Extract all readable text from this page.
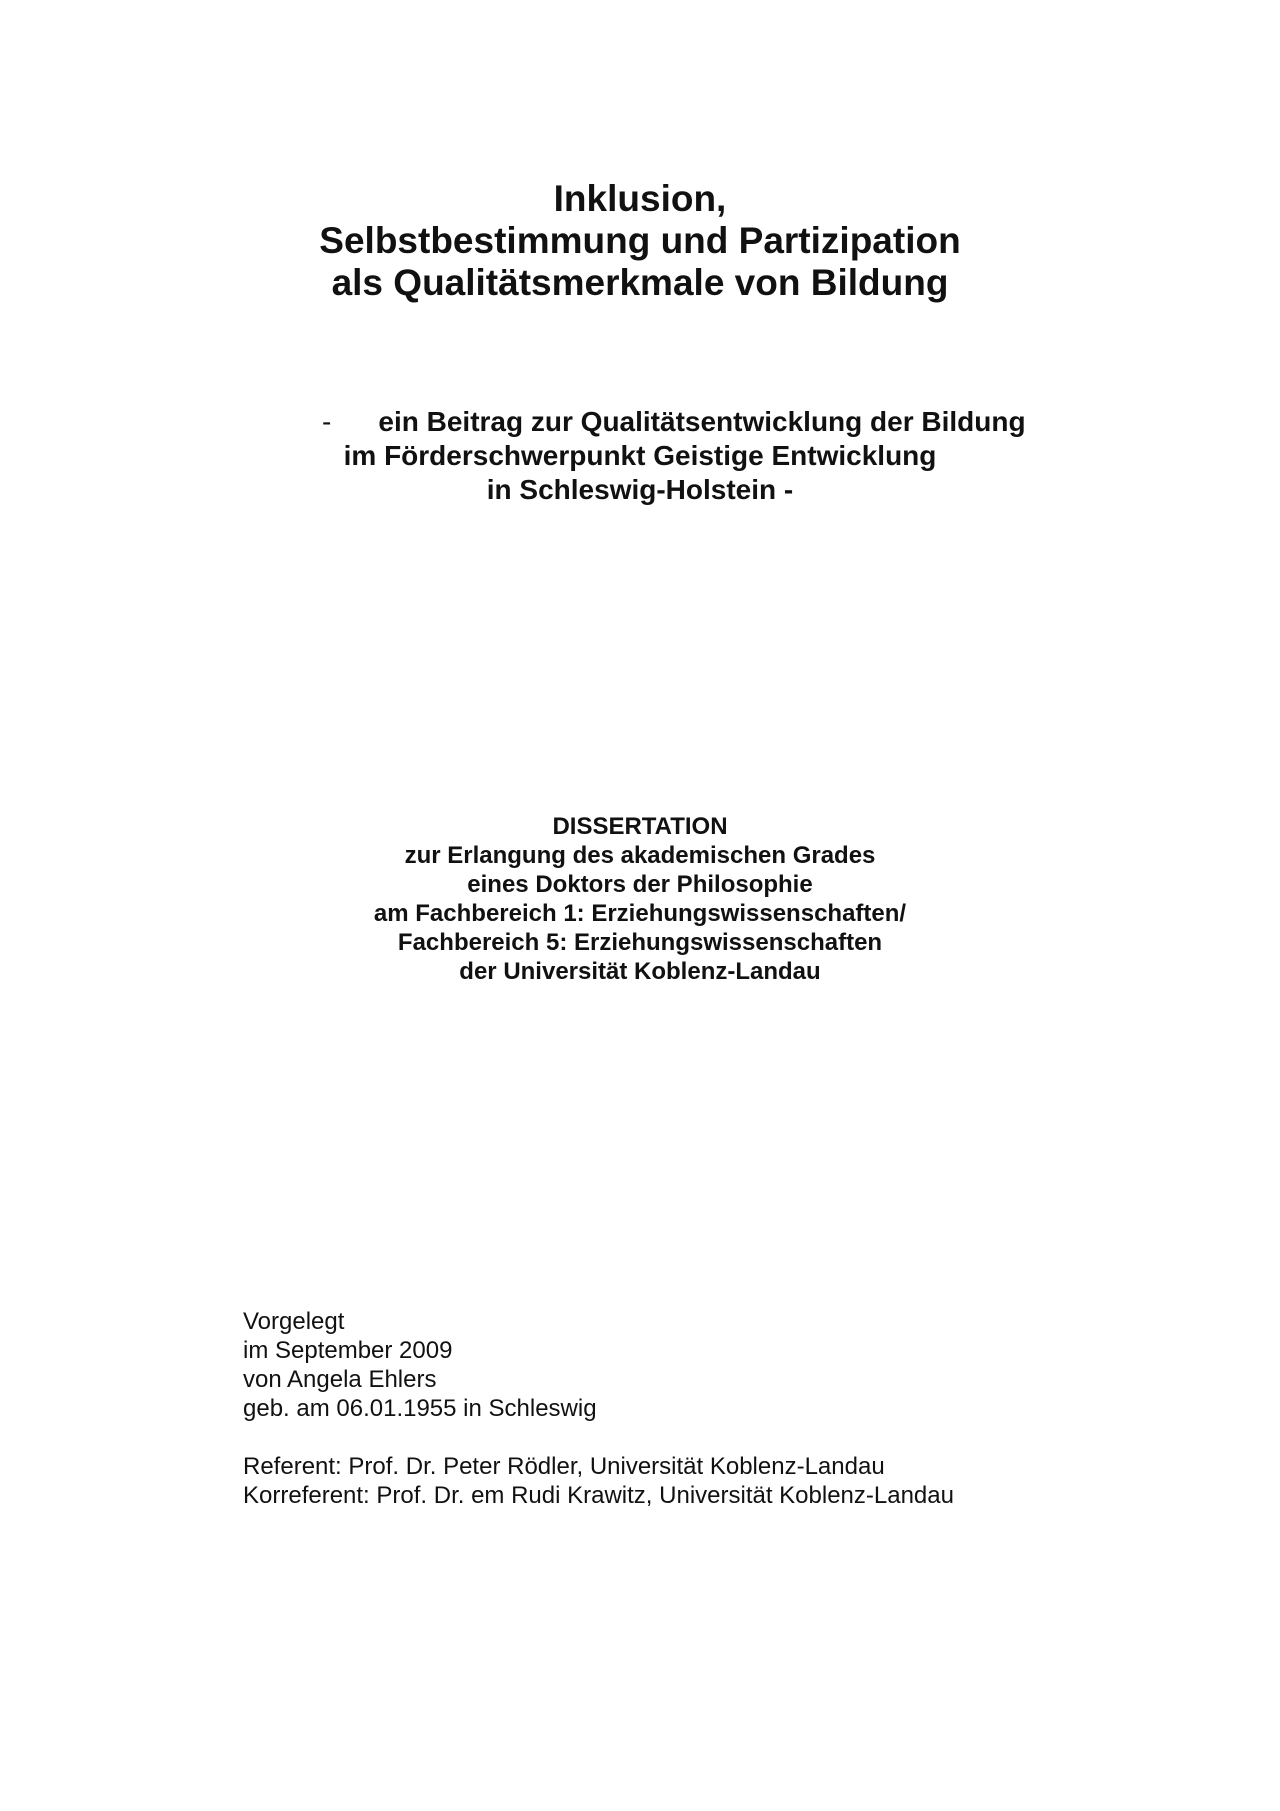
Inklusion,
Selbstbestimmung und Partizipation
als Qualitätsmerkmale von Bildung
- ein Beitrag zur Qualitätsentwicklung der Bildung
im Förderschwerpunkt Geistige Entwicklung
in Schleswig-Holstein -
DISSERTATION
zur Erlangung des akademischen Grades
eines Doktors der Philosophie
am Fachbereich 1: Erziehungswissenschaften/
Fachbereich 5: Erziehungswissenschaften
der Universität Koblenz-Landau
Vorgelegt
im September 2009
von Angela Ehlers
geb. am 06.01.1955 in Schleswig
Referent: Prof. Dr. Peter Rödler, Universität Koblenz-Landau
Korreferent: Prof. Dr. em Rudi Krawitz, Universität Koblenz-Landau
